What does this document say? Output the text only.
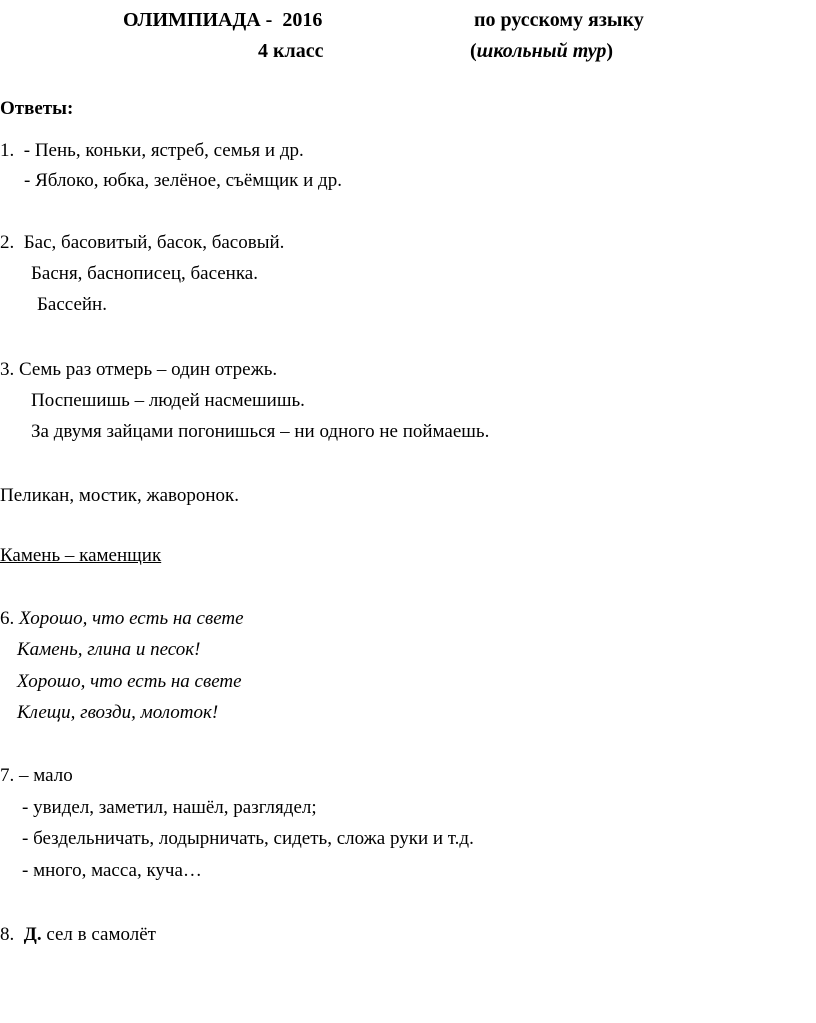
ОЛИМПИАДА -  2016	по русскому языку
4 класс	(школьный тур)
Ответы:
1.  - Пень, коньки, ястреб, семья и др.
- Яблоко, юбка, зелёное, съёмщик и др.
2.  Бас, басовитый, басок, басовый.
Басня, баснописец, басенка.
Бассейн.
3. Семь раз отмерь – один отрежь.
Поспешишь – людей насмешишь.
За двумя зайцами погонишься – ни одного не поймаешь.
Пеликан, мостик, жаворонок.
Камень – каменщик
6. Хорошо, что есть на свете
Камень, глина и песок!
Хорошо, что есть на свете
Клещи, гвозди, молоток!
7. – мало
- увидел, заметил, нашёл, разглядел;
- бездельничать, лодырничать, сидеть, сложа руки и т.д.
- много, масса, куча…
8.  Д. сел в самолёт
